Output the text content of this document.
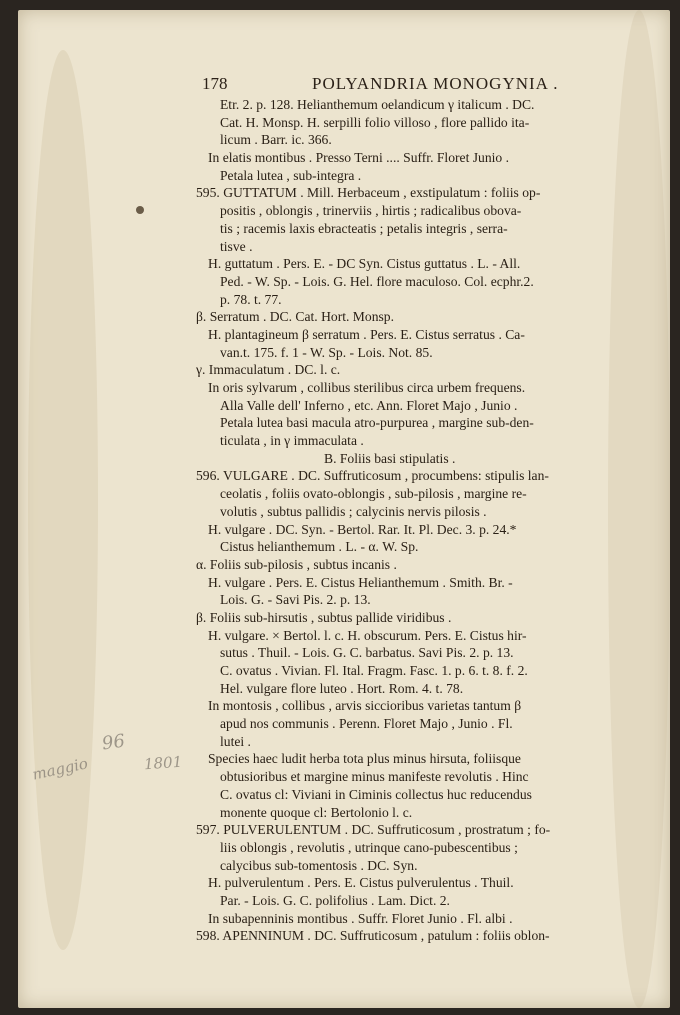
178	POLYANDRIA MONOGYNIA .
maggio
96
1801
Etr. 2. p. 128. Helianthemum oelandicum γ italicum . DC.
Cat. H. Monsp. H. serpilli folio villoso , flore pallido ita-
licum . Barr. ic. 366.
In elatis montibus . Presso Terni .... Suffr. Floret Junio .
Petala lutea , sub-integra .
595. GUTTATUM . Mill. Herbaceum , exstipulatum : foliis op-
positis , oblongis , trinerviis , hirtis ; radicalibus obova-
tis ; racemis laxis ebracteatis ; petalis integris , serra-
tisve .
H. guttatum . Pers. E. - DC Syn. Cistus guttatus . L. - All.
Ped. - W. Sp. - Lois. G. Hel. flore maculoso. Col. ecphr.2.
p. 78. t. 77.
β. Serratum . DC. Cat. Hort. Monsp.
H. plantagineum β serratum . Pers. E. Cistus serratus . Ca-
van.t. 175. f. 1 - W. Sp. - Lois. Not. 85.
γ. Immaculatum . DC. l. c.
In oris sylvarum , collibus sterilibus circa urbem frequens.
Alla Valle dell' Inferno , etc. Ann. Floret Majo , Junio .
Petala lutea basi macula atro-purpurea , margine sub-den-
ticulata , in γ immaculata .
B. Foliis basi stipulatis .
596. VULGARE . DC. Suffruticosum , procumbens: stipulis lan-
ceolatis , foliis ovato-oblongis , sub-pilosis , margine re-
volutis , subtus pallidis ; calycinis nervis pilosis .
H. vulgare . DC. Syn. - Bertol. Rar. It. Pl. Dec. 3. p. 24.*
Cistus helianthemum . L. - α. W. Sp.
α. Foliis sub-pilosis , subtus incanis .
H. vulgare . Pers. E. Cistus Helianthemum . Smith. Br. -
Lois. G. - Savi Pis. 2. p. 13.
β. Foliis sub-hirsutis , subtus pallide viridibus .
H. vulgare. × Bertol. l. c. H. obscurum. Pers. E. Cistus hir-
sutus . Thuil. - Lois. G. C. barbatus. Savi Pis. 2. p. 13.
C. ovatus . Vivian. Fl. Ital. Fragm. Fasc. 1. p. 6. t. 8. f. 2.
Hel. vulgare flore luteo . Hort. Rom. 4. t. 78.
In montosis , collibus , arvis siccioribus varietas tantum β
apud nos communis . Perenn. Floret Majo , Junio . Fl.
lutei .
Species haec ludit herba tota plus minus hirsuta, foliisque
obtusioribus et margine minus manifeste revolutis . Hinc
C. ovatus cl: Viviani in Ciminis collectus huc reducendus
monente quoque cl: Bertolonio l. c.
597. PULVERULENTUM . DC. Suffruticosum , prostratum ; fo-
liis oblongis , revolutis , utrinque cano-pubescentibus ;
calycibus sub-tomentosis . DC. Syn.
H. pulverulentum . Pers. E. Cistus pulverulentus . Thuil.
Par. - Lois. G. C. polifolius . Lam. Dict. 2.
In subapenninis montibus . Suffr. Floret Junio . Fl. albi .
598. APENNINUM . DC. Suffruticosum , patulum : foliis oblon-
